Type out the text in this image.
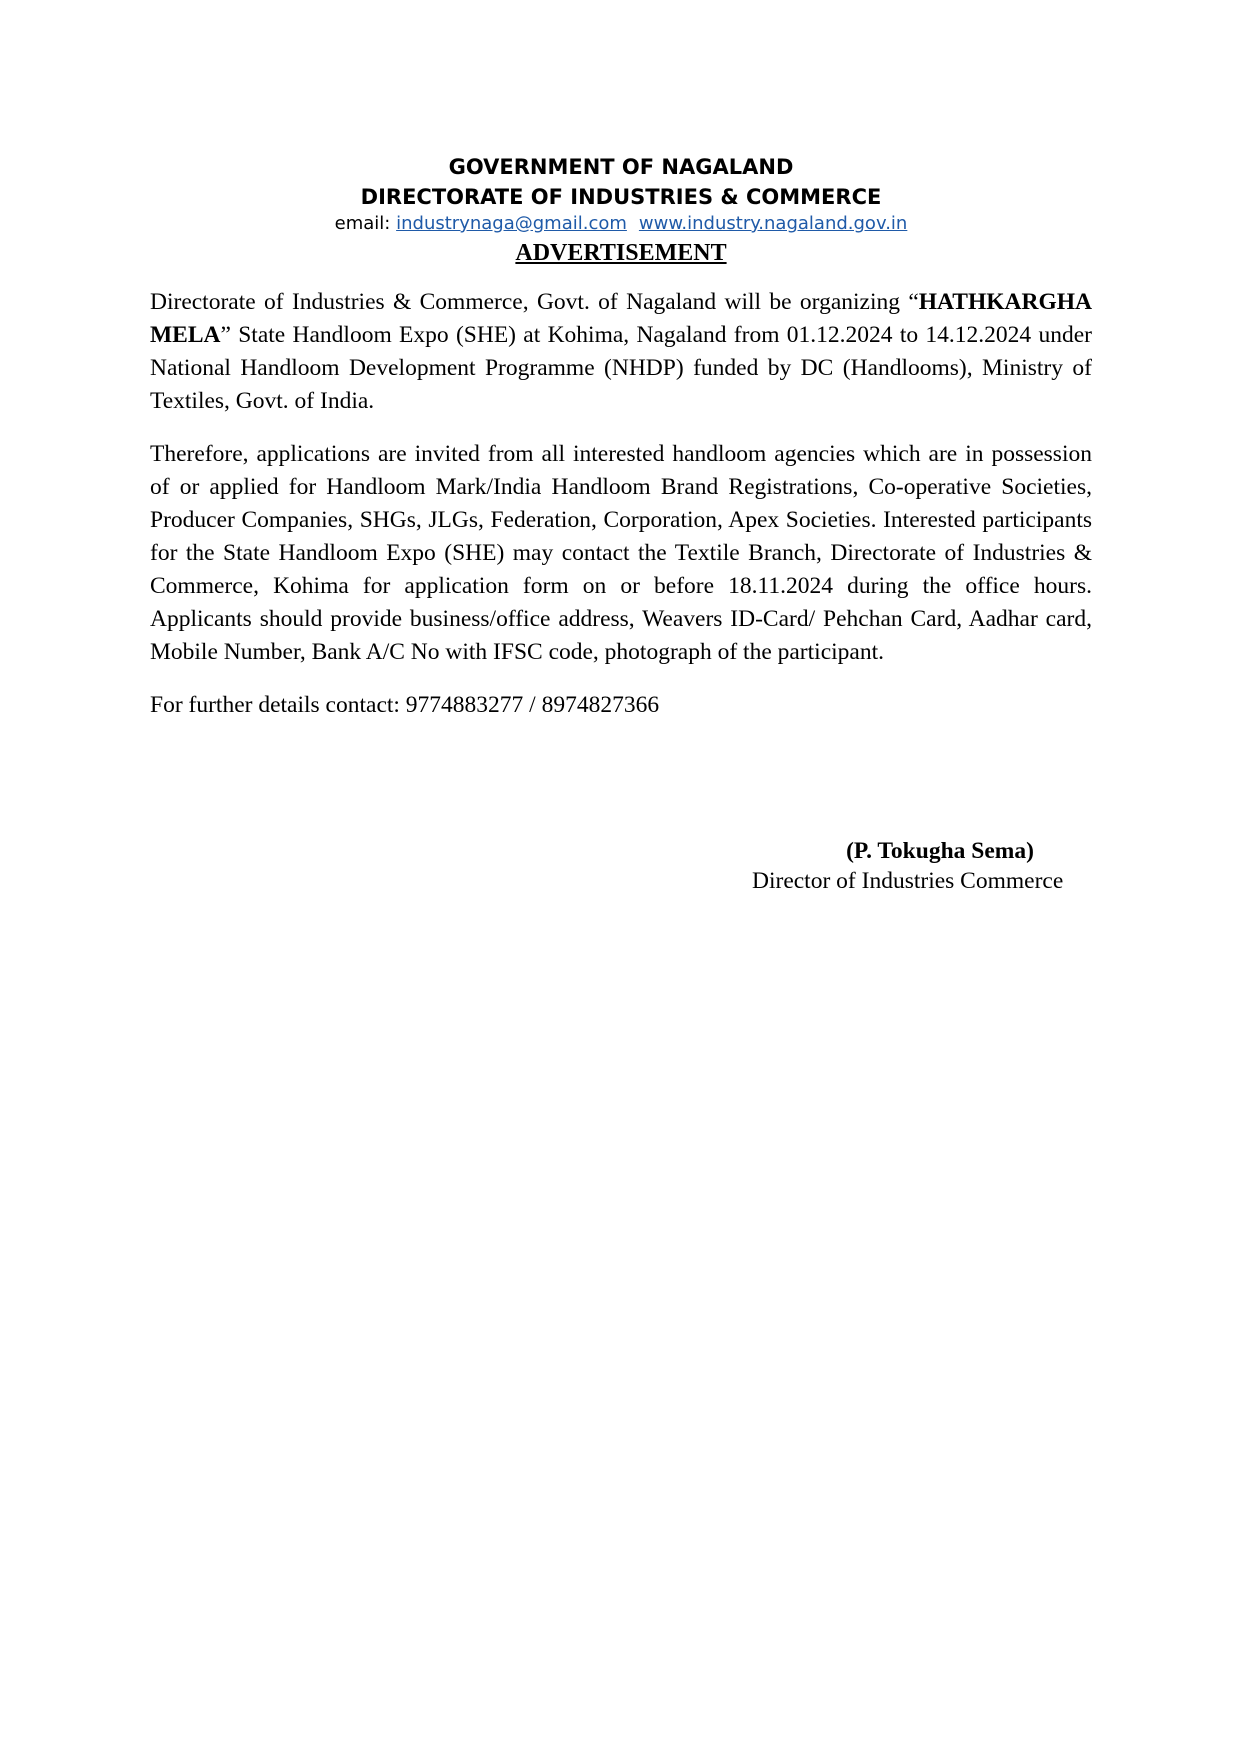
GOVERNMENT OF NAGALAND
DIRECTORATE OF INDUSTRIES & COMMERCE
email: industrynaga@gmail.com www.industry.nagaland.gov.in
ADVERTISEMENT

Directorate of Industries & Commerce, Govt. of Nagaland will be organizing “HATHKARGHA MELA” State Handloom Expo (SHE) at Kohima, Nagaland from 01.12.2024 to 14.12.2024 under National Handloom Development Programme (NHDP) funded by DC (Handlooms), Ministry of Textiles, Govt. of India.

Therefore, applications are invited from all interested handloom agencies which are in possession of or applied for Handloom Mark/India Handloom Brand Registrations, Co-operative Societies, Producer Companies, SHGs, JLGs, Federation, Corporation, Apex Societies. Interested participants for the State Handloom Expo (SHE) may contact the Textile Branch, Directorate of Industries & Commerce, Kohima for application form on or before 18.11.2024 during the office hours. Applicants should provide business/office address, Weavers ID-Card/ Pehchan Card, Aadhar card, Mobile Number, Bank A/C No with IFSC code, photograph of the participant.

For further details contact: 9774883277 / 8974827366

(P. Tokugha Sema)
Director of Industries Commerce
